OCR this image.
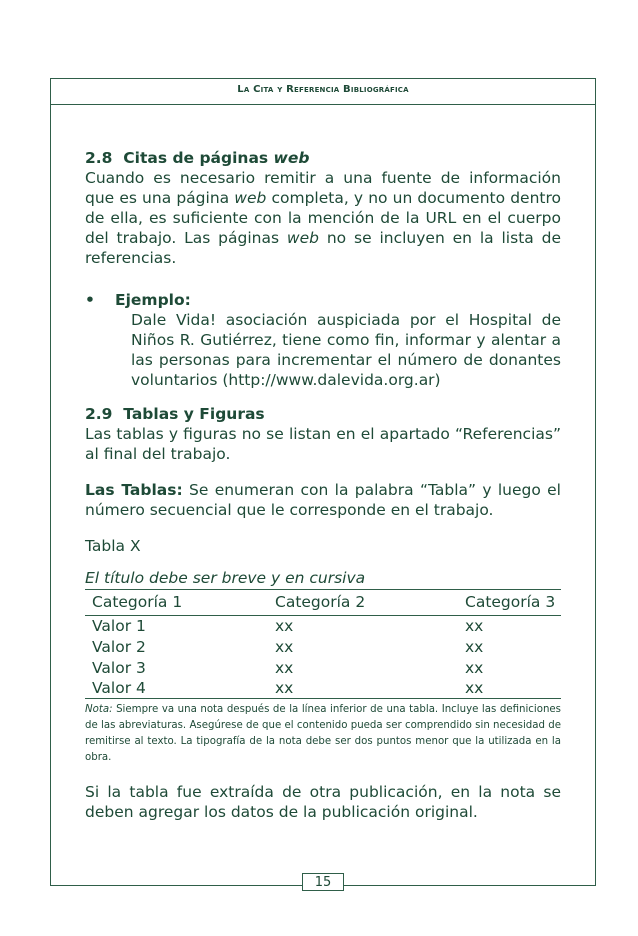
La Cita y Referencia Bibliográfica

2.8 Citas de páginas web

Cuando es necesario remitir a una fuente de información que es una página web completa, y no un documento dentro de ella, es suficiente con la mención de la URL en el cuerpo del trabajo. Las páginas web no se incluyen en la lista de referencias.

•	Ejemplo:

Dale Vida! asociación auspiciada por el Hospital de Niños R. Gutiérrez, tiene como fin, informar y alentar a las personas para incrementar el número de donantes voluntarios (http://www.dalevida.org.ar)

2.9 Tablas y Figuras

Las tablas y figuras no se listan en el apartado “Referencias” al final del trabajo.

Las Tablas: Se enumeran con la palabra “Tabla” y luego el número secuencial que le corresponde en el trabajo.

Tabla X

El título debe ser breve y en cursiva

Categoría 1	Categoría 2	Categoría 3
Valor 1	xx	xx
Valor 2	xx	xx
Valor 3	xx	xx
Valor 4	xx	xx

Nota: Siempre va una nota después de la línea inferior de una tabla. Incluye las definiciones de las abreviaturas. Asegúrese de que el contenido pueda ser comprendido sin necesidad de remitirse al texto. La tipografía de la nota debe ser dos puntos menor que la utilizada en la obra.

Si la tabla fue extraída de otra publicación, en la nota se deben agregar los datos de la publicación original.

15
